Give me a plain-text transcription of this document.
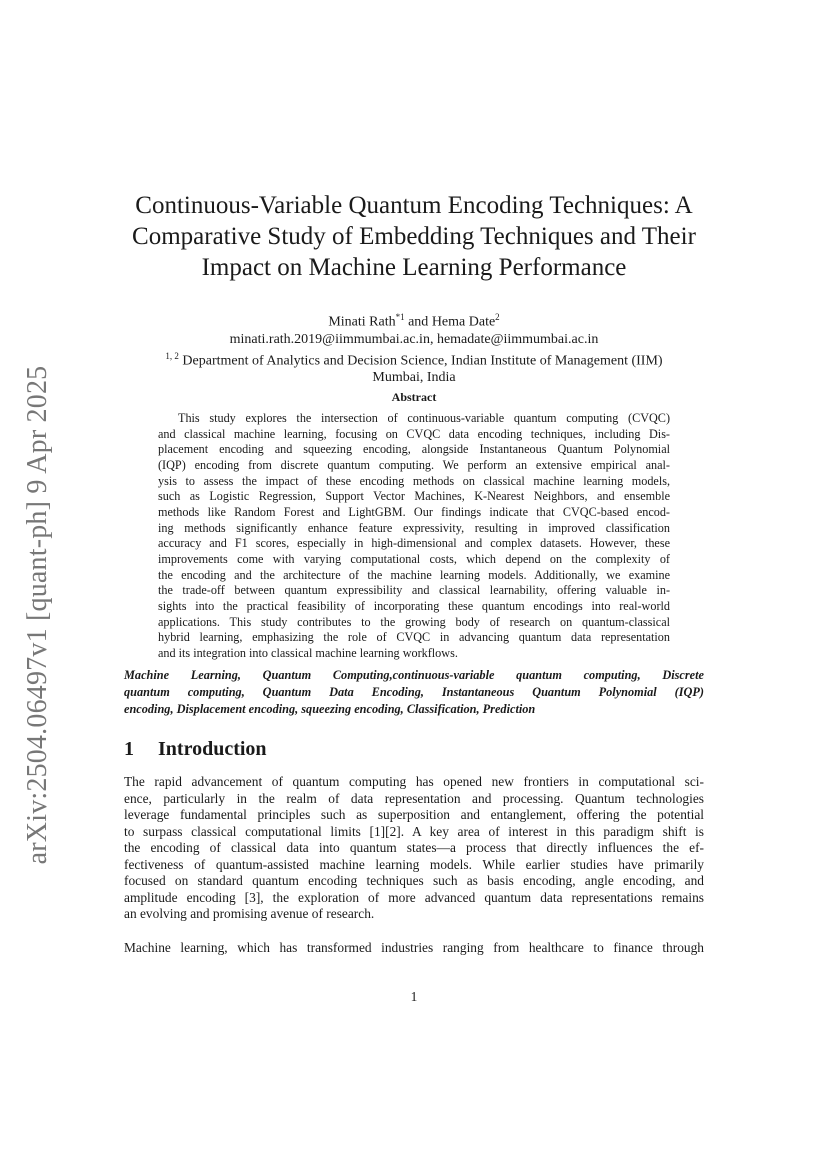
arXiv:2504.06497v1 [quant-ph] 9 Apr 2025
Continuous-Variable Quantum Encoding Techniques: A
Comparative Study of Embedding Techniques and Their
Impact on Machine Learning Performance
Minati Rath$^{*1}$ and Hema Date$^2$
minati.rath.2019@iimmumbai.ac.in, hemadate@iimmumbai.ac.in
$^{1, 2}$ Department of Analytics and Decision Science, Indian Institute of Management (IIM)
Mumbai, India
Abstract
This study explores the intersection of continuous-variable quantum computing (CVQC)
and classical machine learning, focusing on CVQC data encoding techniques, including Dis-
placement encoding and squeezing encoding, alongside Instantaneous Quantum Polynomial
(IQP) encoding from discrete quantum computing. We perform an extensive empirical anal-
ysis to assess the impact of these encoding methods on classical machine learning models,
such as Logistic Regression, Support Vector Machines, K-Nearest Neighbors, and ensemble
methods like Random Forest and LightGBM. Our findings indicate that CVQC-based encod-
ing methods significantly enhance feature expressivity, resulting in improved classification
accuracy and F1 scores, especially in high-dimensional and complex datasets. However, these
improvements come with varying computational costs, which depend on the complexity of
the encoding and the architecture of the machine learning models. Additionally, we examine
the trade-off between quantum expressibility and classical learnability, offering valuable in-
sights into the practical feasibility of incorporating these quantum encodings into real-world
applications. This study contributes to the growing body of research on quantum-classical
hybrid learning, emphasizing the role of CVQC in advancing quantum data representation
and its integration into classical machine learning workflows.
Machine Learning, Quantum Computing,continuous-variable quantum computing, Discrete
quantum computing, Quantum Data Encoding, Instantaneous Quantum Polynomial (IQP)
encoding, Displacement encoding, squeezing encoding, Classification, Prediction
1 Introduction
The rapid advancement of quantum computing has opened new frontiers in computational sci-
ence, particularly in the realm of data representation and processing. Quantum technologies
leverage fundamental principles such as superposition and entanglement, offering the potential
to surpass classical computational limits [1][2]. A key area of interest in this paradigm shift is
the encoding of classical data into quantum states—a process that directly influences the ef-
fectiveness of quantum-assisted machine learning models. While earlier studies have primarily
focused on standard quantum encoding techniques such as basis encoding, angle encoding, and
amplitude encoding [3], the exploration of more advanced quantum data representations remains
an evolving and promising avenue of research.
Machine learning, which has transformed industries ranging from healthcare to finance through
1
